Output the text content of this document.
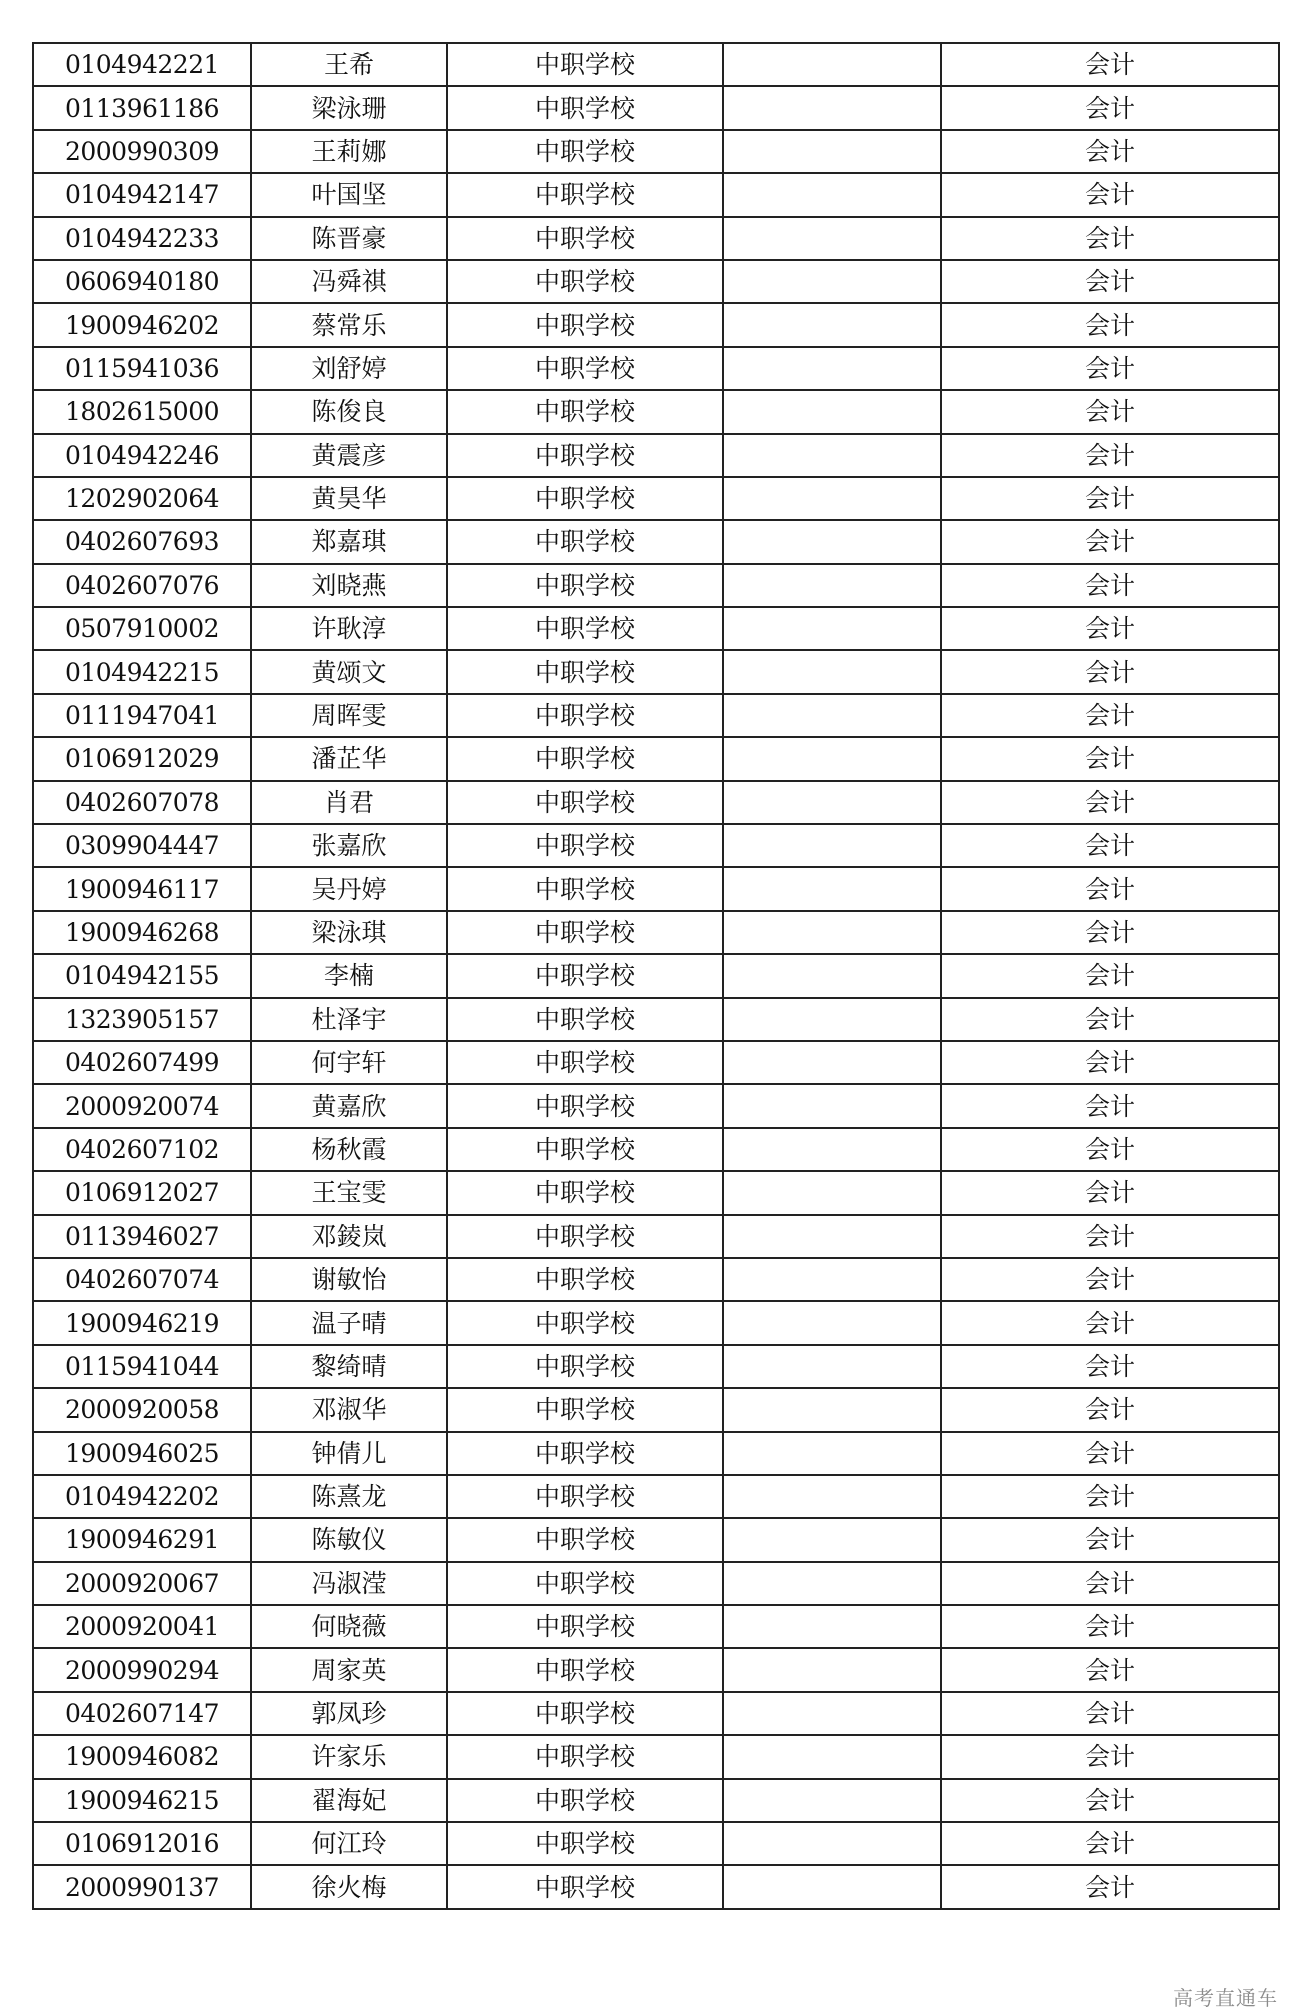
0104942221	王希	中职学校		会计
0113961186	梁泳珊	中职学校		会计
2000990309	王莉娜	中职学校		会计
0104942147	叶国坚	中职学校		会计
0104942233	陈晋豪	中职学校		会计
0606940180	冯舜祺	中职学校		会计
1900946202	蔡常乐	中职学校		会计
0115941036	刘舒婷	中职学校		会计
1802615000	陈俊良	中职学校		会计
0104942246	黄震彦	中职学校		会计
1202902064	黄昊华	中职学校		会计
0402607693	郑嘉琪	中职学校		会计
0402607076	刘晓燕	中职学校		会计
0507910002	许耿淳	中职学校		会计
0104942215	黄颂文	中职学校		会计
0111947041	周晖雯	中职学校		会计
0106912029	潘芷华	中职学校		会计
0402607078	肖君	中职学校		会计
0309904447	张嘉欣	中职学校		会计
1900946117	吴丹婷	中职学校		会计
1900946268	梁泳琪	中职学校		会计
0104942155	李楠	中职学校		会计
1323905157	杜泽宇	中职学校		会计
0402607499	何宇轩	中职学校		会计
2000920074	黄嘉欣	中职学校		会计
0402607102	杨秋霞	中职学校		会计
0106912027	王宝雯	中职学校		会计
0113946027	邓錂岚	中职学校		会计
0402607074	谢敏怡	中职学校		会计
1900946219	温子晴	中职学校		会计
0115941044	黎绮晴	中职学校		会计
2000920058	邓淑华	中职学校		会计
1900946025	钟倩儿	中职学校		会计
0104942202	陈熹龙	中职学校		会计
1900946291	陈敏仪	中职学校		会计
2000920067	冯淑滢	中职学校		会计
2000920041	何晓薇	中职学校		会计
2000990294	周家英	中职学校		会计
0402607147	郭凤珍	中职学校		会计
1900946082	许家乐	中职学校		会计
1900946215	翟海妃	中职学校		会计
0106912016	何江玲	中职学校		会计
2000990137	徐火梅	中职学校		会计
高考直通车
